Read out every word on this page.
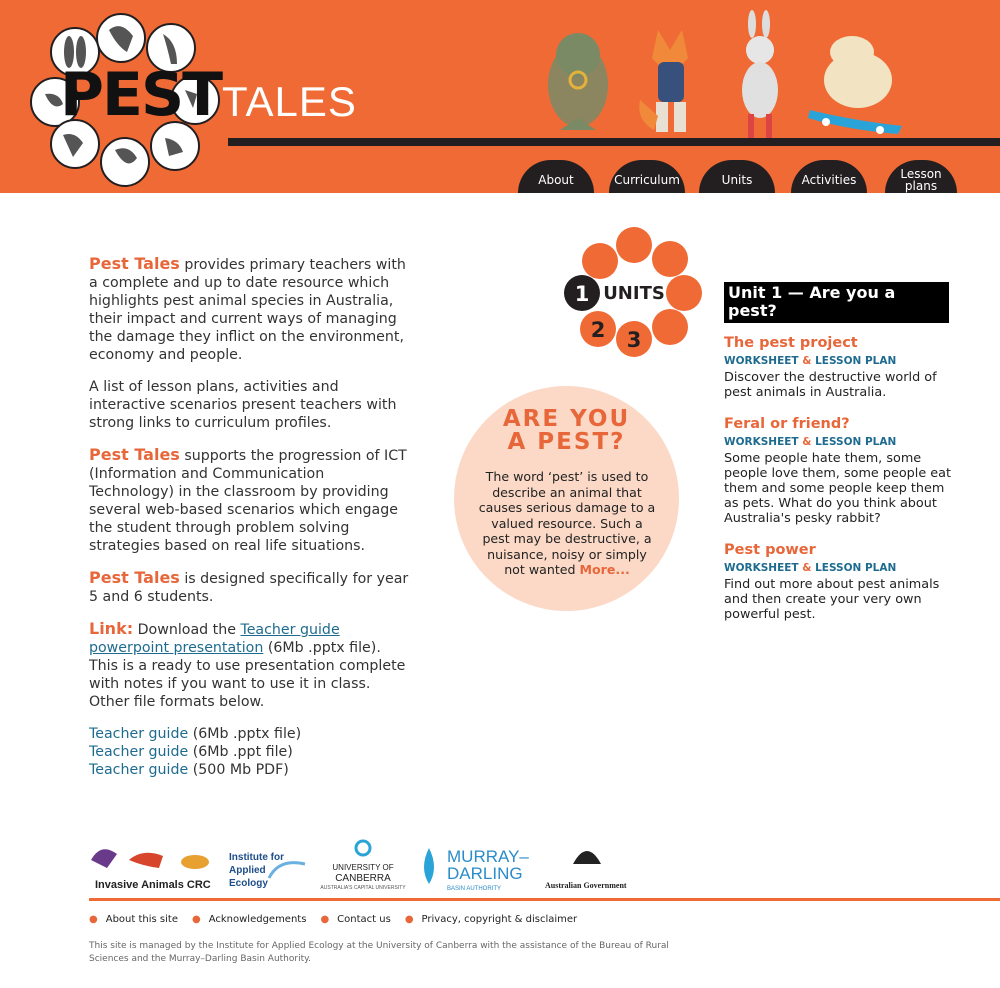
PEST TALES
About	Curriculum	Units	Activities	Lesson plans

Pest Tales provides primary teachers with a complete and up to date resource which highlights pest animal species in Australia, their impact and current ways of managing the damage they inflict on the environment, economy and people.

A list of lesson plans, activities and interactive scenarios present teachers with strong links to curriculum profiles.

Pest Tales supports the progression of ICT (Information and Communication Technology) in the classroom by providing several web-based scenarios which engage the student through problem solving strategies based on real life situations.

Pest Tales is designed specifically for year 5 and 6 students.

Link: Download the Teacher guide powerpoint presentation (6Mb .pptx file). This is a ready to use presentation complete with notes if you want to use it in class. Other file formats below.

Teacher guide (6Mb .pptx file)
Teacher guide (6Mb .ppt file)
Teacher guide (500 Mb PDF)
1
2 3
UNITS
ARE YOU
A PEST?
The word ‘pest’ is used to describe an animal that causes serious damage to a valued resource. Such a pest may be destructive, a nuisance, noisy or simply not wanted More...
Unit 1 — Are you a pest?
The pest project
WORKSHEET & LESSON PLAN
Discover the destructive world of pest animals in Australia.
Feral or friend?
WORKSHEET & LESSON PLAN
Some people hate them, some people love them, some people eat them and some people keep them as pets. What do you think about Australia's pesky rabbit?
Pest power
WORKSHEET & LESSON PLAN
Find out more about pest animals and then create your very own powerful pest.
Invasive Animals CRC
Institute for
Applied
Ecology
UNIVERSITY OF
CANBERRA
AUSTRALIA'S CAPITAL UNIVERSITY
MURRAY–
DARLING
BASIN AUTHORITY	Australian Government
● About this site ● Acknowledgements ● Contact us ● Privacy, copyright & disclaimer
This site is managed by the Institute for Applied Ecology at the University of Canberra with the assistance of the Bureau of Rural Sciences and the Murray–Darling Basin Authority.
